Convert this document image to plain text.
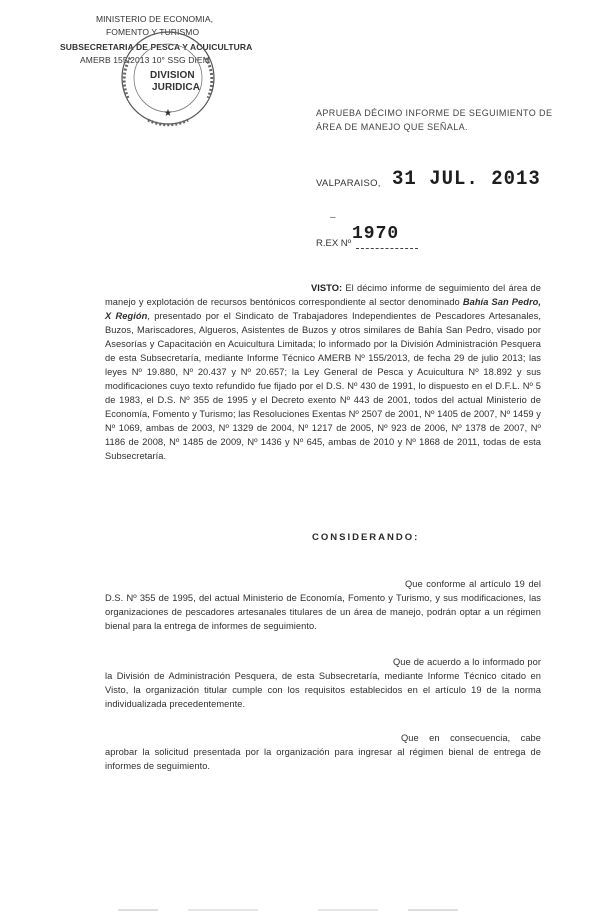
MINISTERIO DE ECONOMIA,
FOMENTO Y TURISMO
SUBSECRETARIA DE PESCA Y ACUICULTURA
AMERB 155/2013 10° SSG DIEM
★
DIVISION
JURIDICA
APRUEBA DÉCIMO INFORME DE SEGUIMIENTO DE ÁREA DE MANEJO QUE SEÑALA.
VALPARAISO, 31 JUL. 2013
–
1970
R.EX Nº
VISTO: El décimo informe de seguimiento del área de manejo y explotación de recursos bentónicos correspondiente al sector denominado Bahía San Pedro, X Región, presentado por el Sindicato de Trabajadores Independientes de Pescadores Artesanales, Buzos, Mariscadores, Algueros, Asistentes de Buzos y otros similares de Bahía San Pedro, visado por Asesorías y Capacitación en Acuicultura Limitada; lo informado por la División Administración Pesquera de esta Subsecretaría, mediante Informe Técnico AMERB Nº 155/2013, de fecha 29 de julio 2013; las leyes Nº 19.880, Nº 20.437 y Nº 20.657; la Ley General de Pesca y Acuicultura Nº 18.892 y sus modificaciones cuyo texto refundido fue fijado por el D.S. Nº 430 de 1991, lo dispuesto en el D.F.L. Nº 5 de 1983, el D.S. Nº 355 de 1995 y el Decreto exento Nº 443 de 2001, todos del actual Ministerio de Economía, Fomento y Turismo; las Resoluciones Exentas Nº 2507 de 2001, Nº 1405 de 2007, Nº 1459 y Nº 1069, ambas de 2003, Nº 1329 de 2004, Nº 1217 de 2005, Nº 923 de 2006, Nº 1378 de 2007, Nº 1186 de 2008, Nº 1485 de 2009, Nº 1436 y Nº 645, ambas de 2010 y Nº 1868 de 2011, todas de esta Subsecretaría.
CONSIDERANDO:
Que conforme al artículo 19 del D.S. Nº 355 de 1995, del actual Ministerio de Economía, Fomento y Turismo, y sus modificaciones, las organizaciones de pescadores artesanales titulares de un área de manejo, podrán optar a un régimen bienal para la entrega de informes de seguimiento.
Que de acuerdo a lo informado por la División de Administración Pesquera, de esta Subsecretaría, mediante Informe Técnico citado en Visto, la organización titular cumple con los requisitos establecidos en el artículo 19 de la norma individualizada precedentemente.
Que en consecuencia, cabe aprobar la solicitud presentada por la organización para ingresar al régimen bienal de entrega de informes de seguimiento.
